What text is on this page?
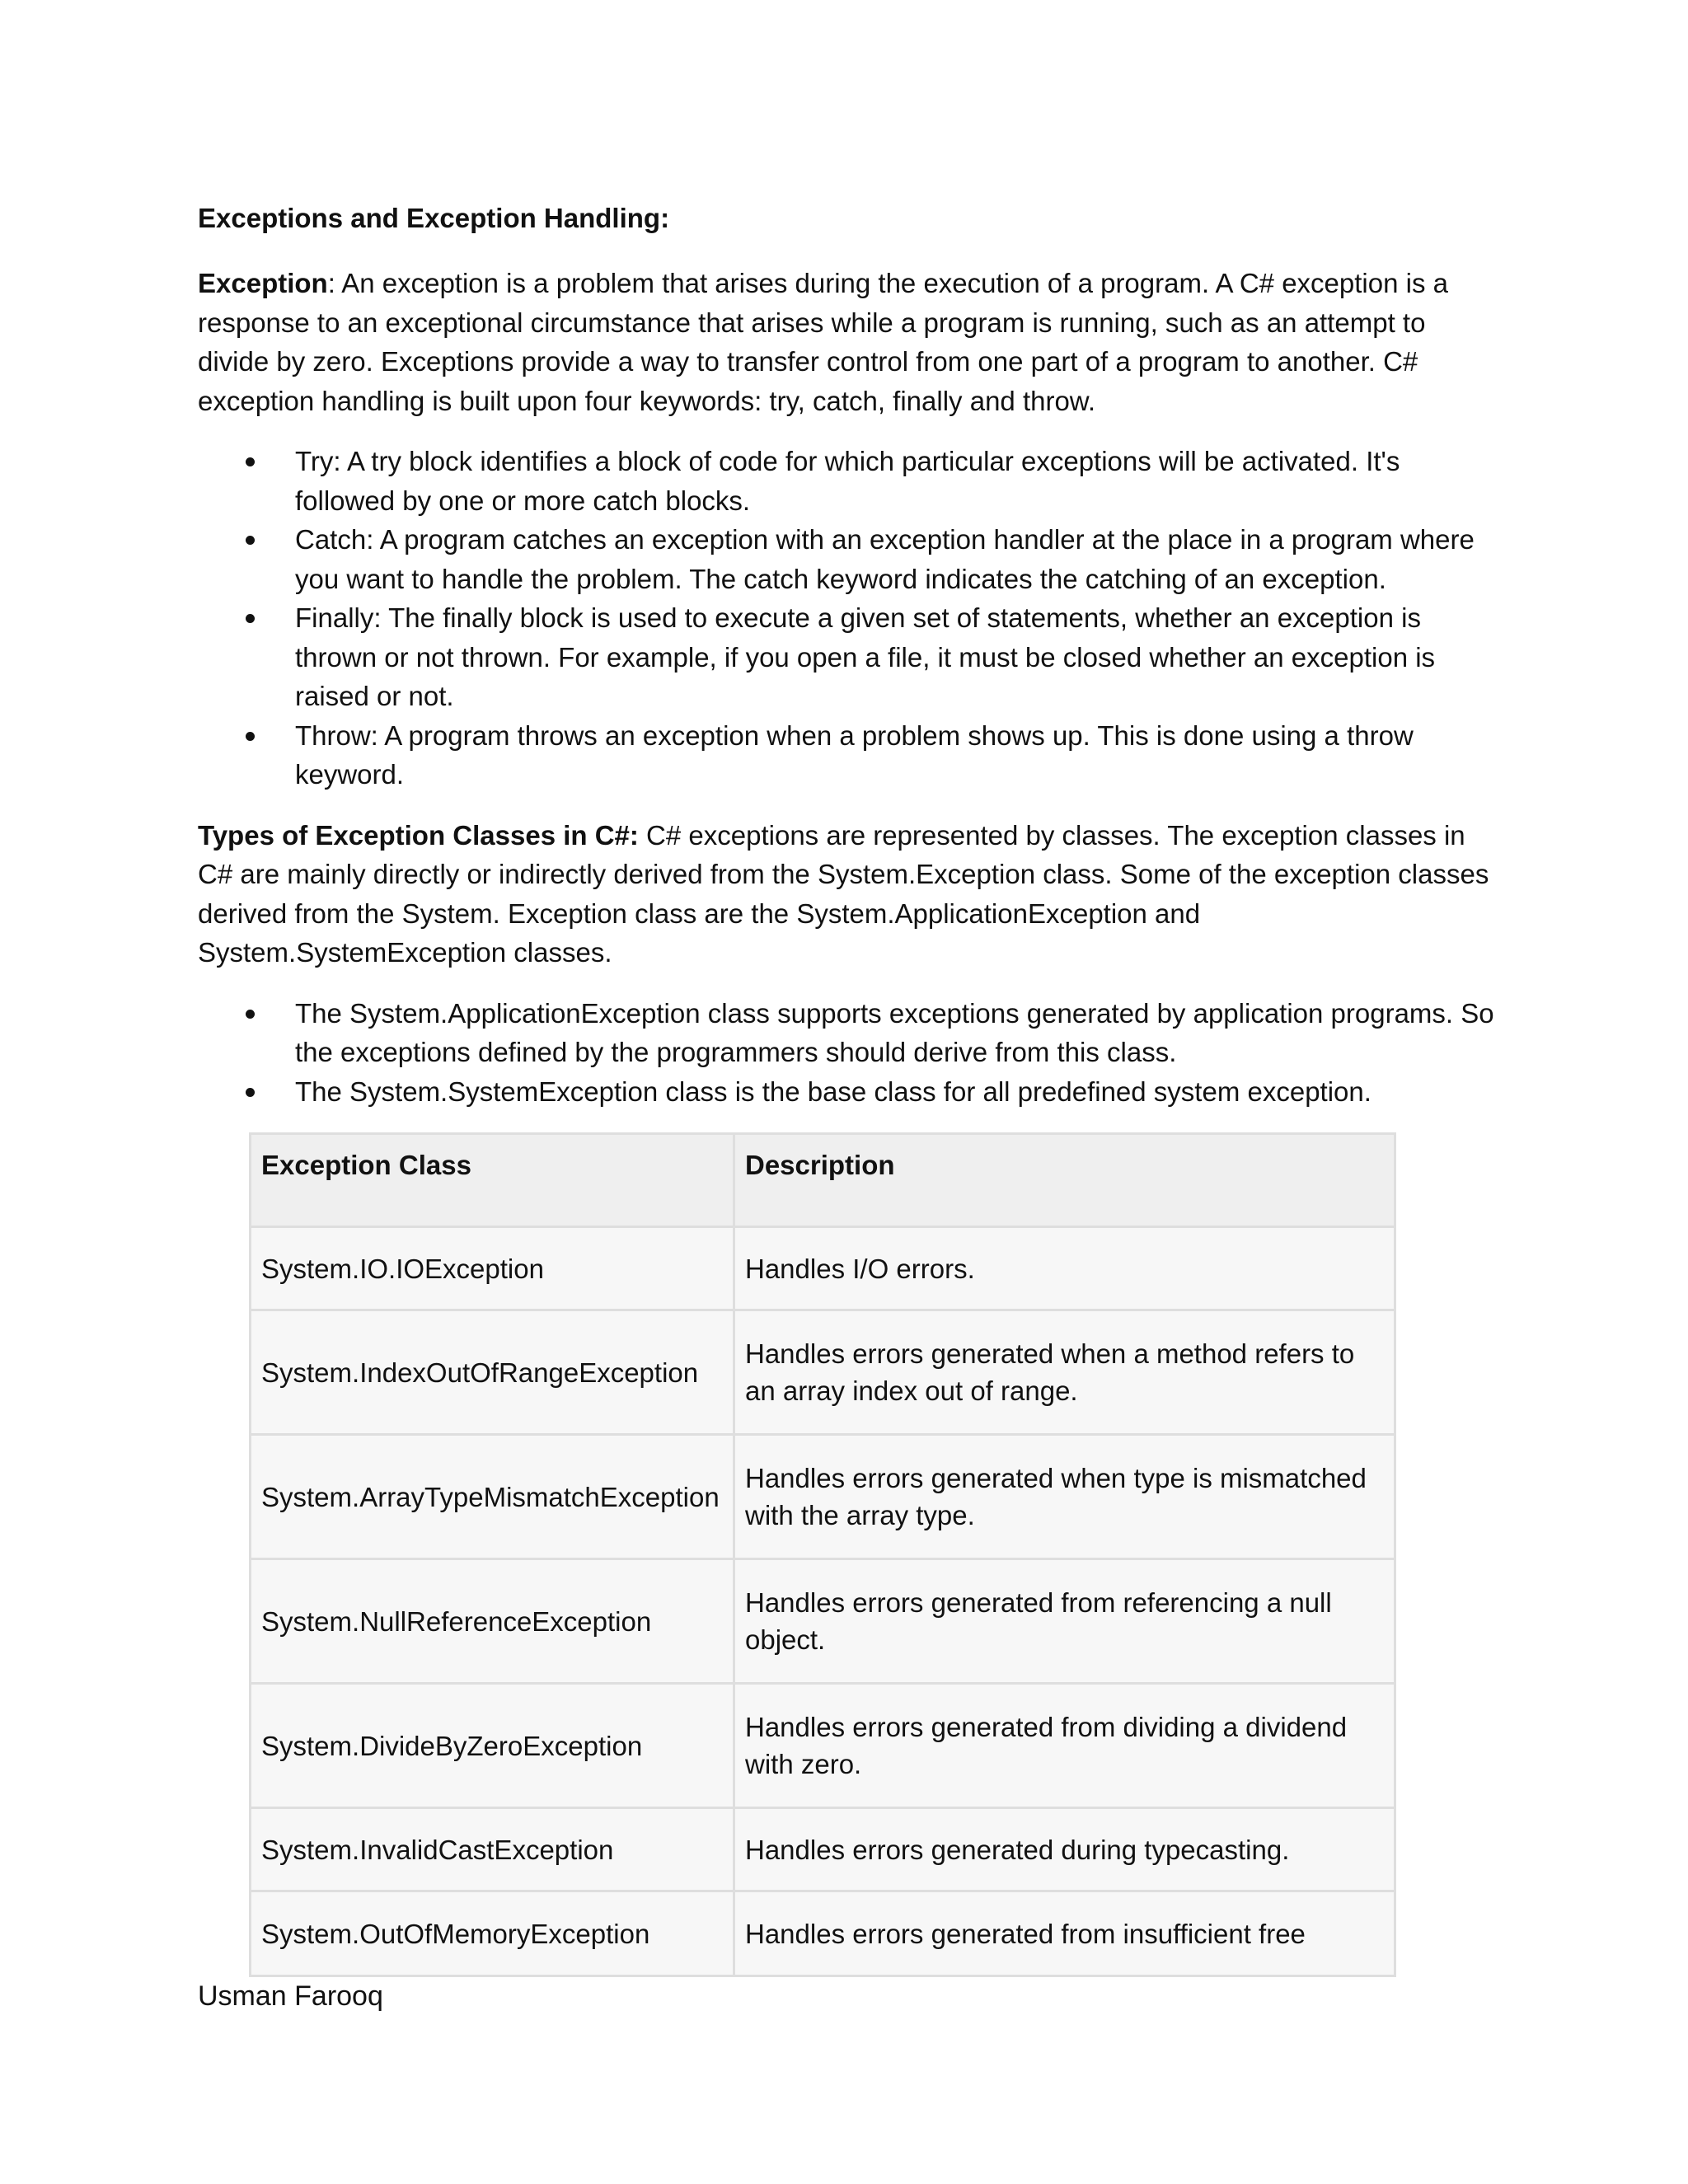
Exceptions and Exception Handling:

Exception: An exception is a problem that arises during the execution of a program. A C# exception is a response to an exceptional circumstance that arises while a program is running, such as an attempt to divide by zero. Exceptions provide a way to transfer control from one part of a program to another. C# exception handling is built upon four keywords: try, catch, finally and throw.

Try: A try block identifies a block of code for which particular exceptions will be activated. It's followed by one or more catch blocks.
Catch: A program catches an exception with an exception handler at the place in a program where you want to handle the problem. The catch keyword indicates the catching of an exception.
Finally: The finally block is used to execute a given set of statements, whether an exception is thrown or not thrown. For example, if you open a file, it must be closed whether an exception is raised or not.
Throw: A program throws an exception when a problem shows up. This is done using a throw keyword.

Types of Exception Classes in C#: C# exceptions are represented by classes. The exception classes in C# are mainly directly or indirectly derived from the System.Exception class. Some of the exception classes derived from the System. Exception class are the System.ApplicationException and System.SystemException classes.

The System.ApplicationException class supports exceptions generated by application programs. So the exceptions defined by the programmers should derive from this class.
The System.SystemException class is the base class for all predefined system exception.
Exception Class	Description
System.IO.IOException	Handles I/O errors.
System.IndexOutOfRangeException	Handles errors generated when a method refers to an array index out of range.
System.ArrayTypeMismatchException	Handles errors generated when type is mismatched with the array type.
System.NullReferenceException	Handles errors generated from referencing a null object.
System.DivideByZeroException	Handles errors generated from dividing a dividend with zero.
System.InvalidCastException	Handles errors generated during typecasting.
System.OutOfMemoryException	Handles errors generated from insufficient free
Usman Farooq
